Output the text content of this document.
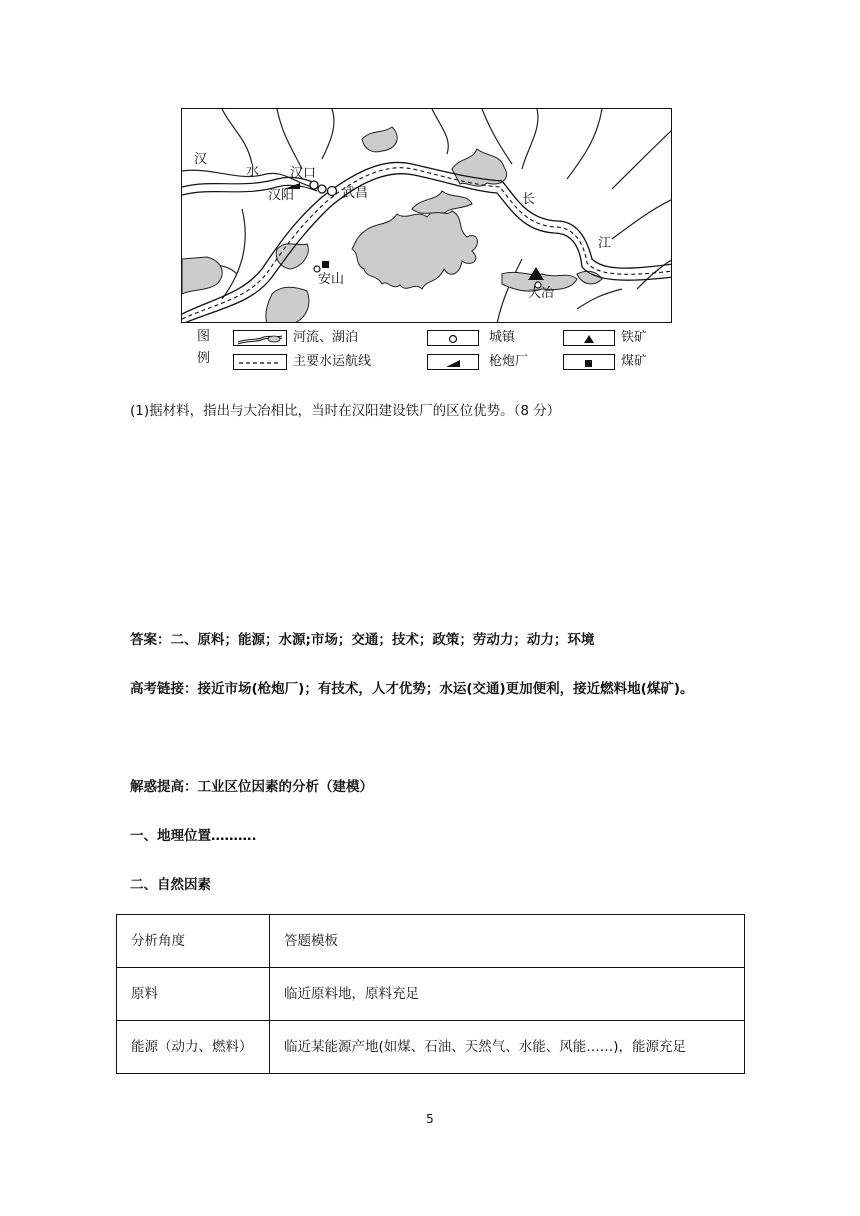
汉
水 汉口
汉阳	武昌	长
江
安山
大冶
图
例
河流、湖泊
主要水运航线
城镇
枪炮厂
铁矿
煤矿
(1)据材料，指出与大冶相比，当时在汉阳建设铁厂的区位优势。（8 分）
答案：二、原料；能源；水源;市场；交通；技术；政策；劳动力；动力；环境
高考链接：接近市场(枪炮厂)；有技术，人才优势；水运(交通)更加便利，接近燃料地(煤矿)。
解惑提高：工业区位因素的分析（建模）
一、地理位置……….
二、自然因素
分析角度	答题模板
原料	临近原料地，原料充足
能源（动力、燃料）	临近某能源产地(如煤、石油、天然气、水能、风能……)，能源充足
5
